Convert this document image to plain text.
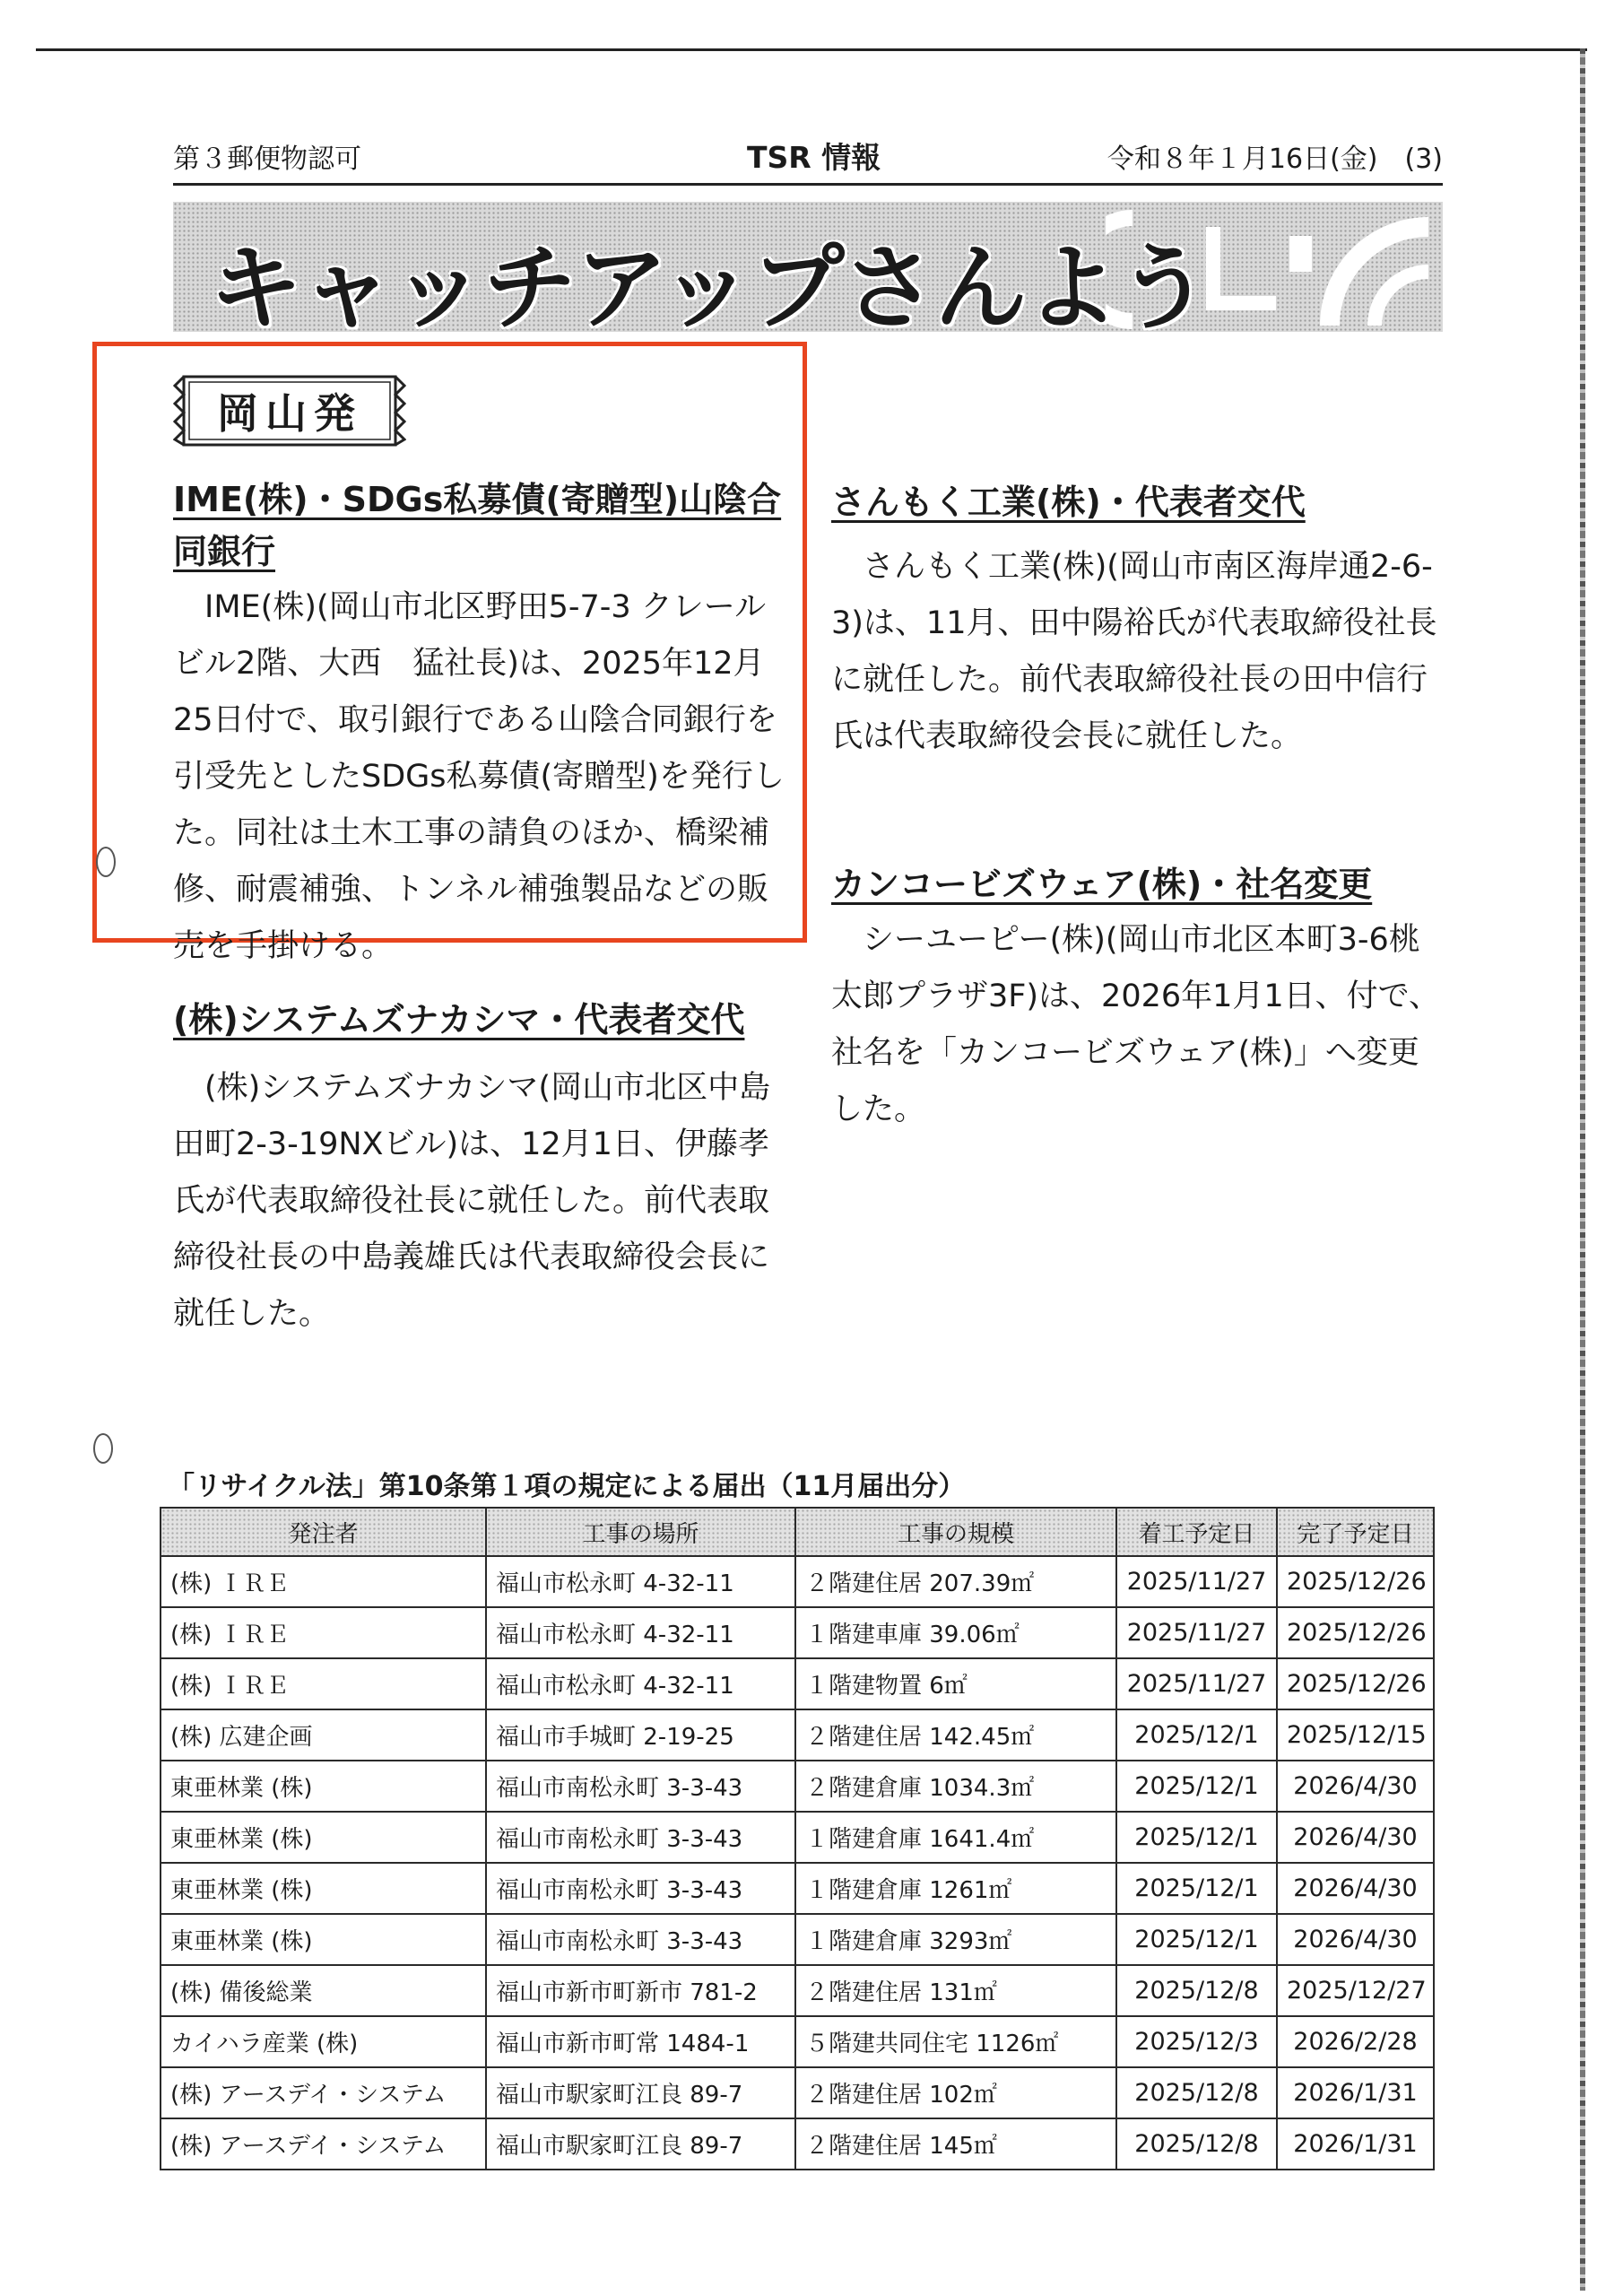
第３郵便物認可	TSR 情報	令和８年１月16日(金)　(3)
キャッチアップさんよう
岡山発

IME(株)・SDGs私募債(寄贈型)山陰合同銀行

IME(株)(岡山市北区野田5-7-3 クレールビル2階、大西　猛社長)は、2025年12月25日付で、取引銀行である山陰合同銀行を引受先としたSDGs私募債(寄贈型)を発行した。同社は土木工事の請負のほか、橋梁補修、耐震補強、トンネル補強製品などの販売を手掛ける。

(株)システムズナカシマ・代表者交代

(株)システムズナカシマ(岡山市北区中島田町2-3-19NXビル)は、12月1日、伊藤孝氏が代表取締役社長に就任した。前代表取締役社長の中島義雄氏は代表取締役会長に就任した。

さんもく工業(株)・代表者交代

さんもく工業(株)(岡山市南区海岸通2-6-3)は、11月、田中陽裕氏が代表取締役社長に就任した。前代表取締役社長の田中信行氏は代表取締役会長に就任した。

カンコービズウェア(株)・社名変更

シーユーピー(株)(岡山市北区本町3-6桃太郎プラザ3F)は、2026年1月1日、付で、社名を「カンコービズウェア(株)」へ変更した。

「リサイクル法」第10条第１項の規定による届出（11月届出分）
発注者	工事の場所	工事の規模	着工予定日	完了予定日
(株) ＩＲＥ	福山市松永町 4-32-11	２階建住居 207.39㎡	2025/11/27	2025/12/26
(株) ＩＲＥ	福山市松永町 4-32-11	１階建車庫 39.06㎡	2025/11/27	2025/12/26
(株) ＩＲＥ	福山市松永町 4-32-11	１階建物置 6㎡	2025/11/27	2025/12/26
(株) 広建企画	福山市手城町 2-19-25	２階建住居 142.45㎡	2025/12/1	2025/12/15
東亜林業 (株)	福山市南松永町 3-3-43	２階建倉庫 1034.3㎡	2025/12/1	2026/4/30
東亜林業 (株)	福山市南松永町 3-3-43	１階建倉庫 1641.4㎡	2025/12/1	2026/4/30
東亜林業 (株)	福山市南松永町 3-3-43	１階建倉庫 1261㎡	2025/12/1	2026/4/30
東亜林業 (株)	福山市南松永町 3-3-43	１階建倉庫 3293㎡	2025/12/1	2026/4/30
(株) 備後総業	福山市新市町新市 781-2	２階建住居 131㎡	2025/12/8	2025/12/27
カイハラ産業 (株)	福山市新市町常 1484-1	５階建共同住宅 1126㎡	2025/12/3	2026/2/28
(株) アースデイ・システム	福山市駅家町江良 89-7	２階建住居 102㎡	2025/12/8	2026/1/31
(株) アースデイ・システム	福山市駅家町江良 89-7	２階建住居 145㎡	2025/12/8	2026/1/31
